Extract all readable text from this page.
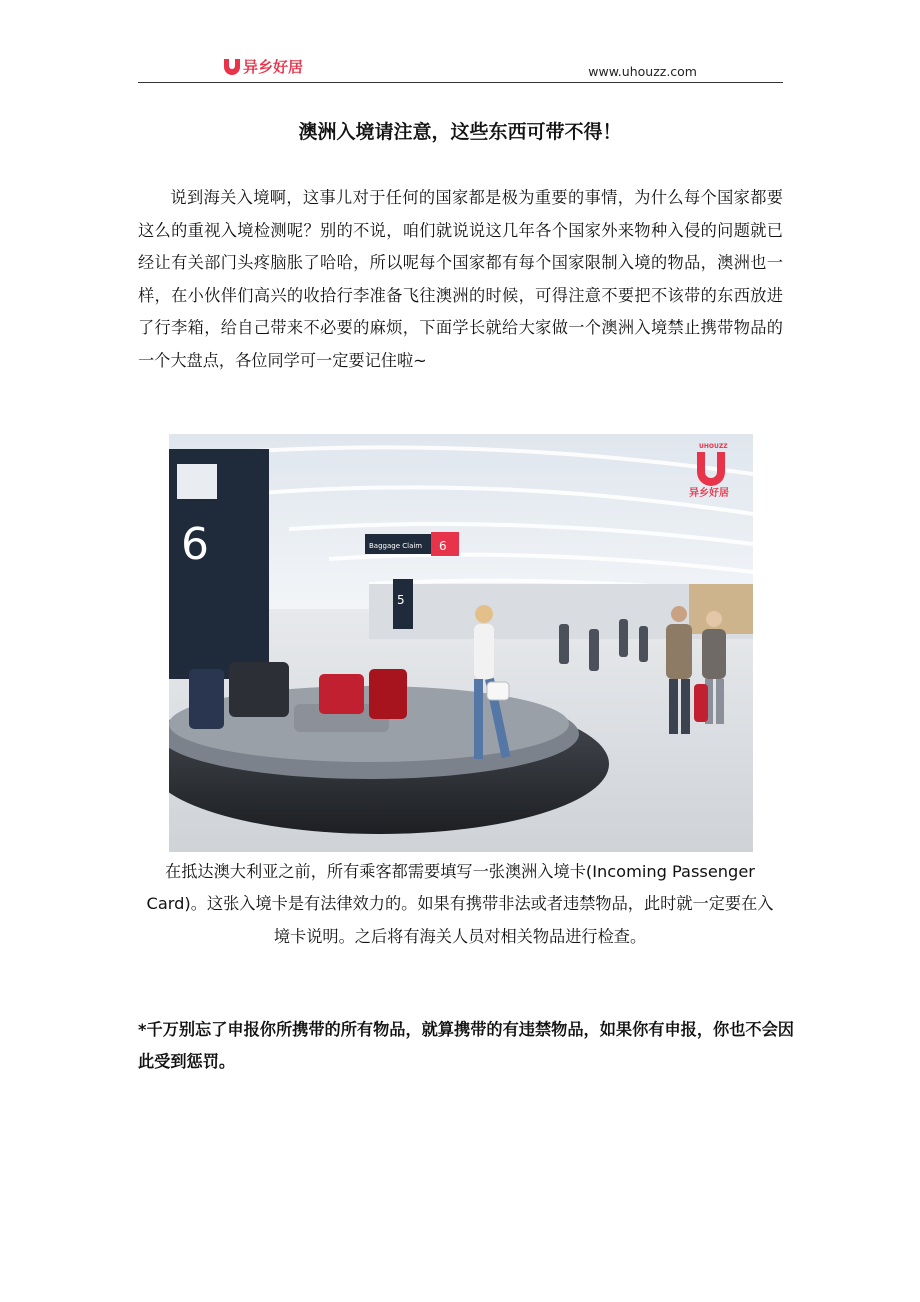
异乡好居	www.uhouzz.com
澳洲入境请注意，这些东西可带不得！
说到海关入境啊，这事儿对于任何的国家都是极为重要的事情，为什么每个国家都要这么的重视入境检测呢？别的不说，咱们就说说这几年各个国家外来物种入侵的问题就已经让有关部门头疼脑胀了哈哈，所以呢每个国家都有每个国家限制入境的物品，澳洲也一样，在小伙伴们高兴的收拾行李准备飞往澳洲的时候，可得注意不要把不该带的东西放进了行李箱，给自己带来不必要的麻烦，下面学长就给大家做一个澳洲入境禁止携带物品的一个大盘点，各位同学可一定要记住啦~
6	Baggage Claim 6
5
异乡好居
UHOUZZ
在抵达澳大利亚之前，所有乘客都需要填写一张澳洲入境卡(Incoming Passenger Card)。这张入境卡是有法律效力的。如果有携带非法或者违禁物品，此时就一定要在入境卡说明。之后将有海关人员对相关物品进行检查。
*千万别忘了申报你所携带的所有物品，就算携带的有违禁物品，如果你有申报，你也不会因此受到惩罚。
